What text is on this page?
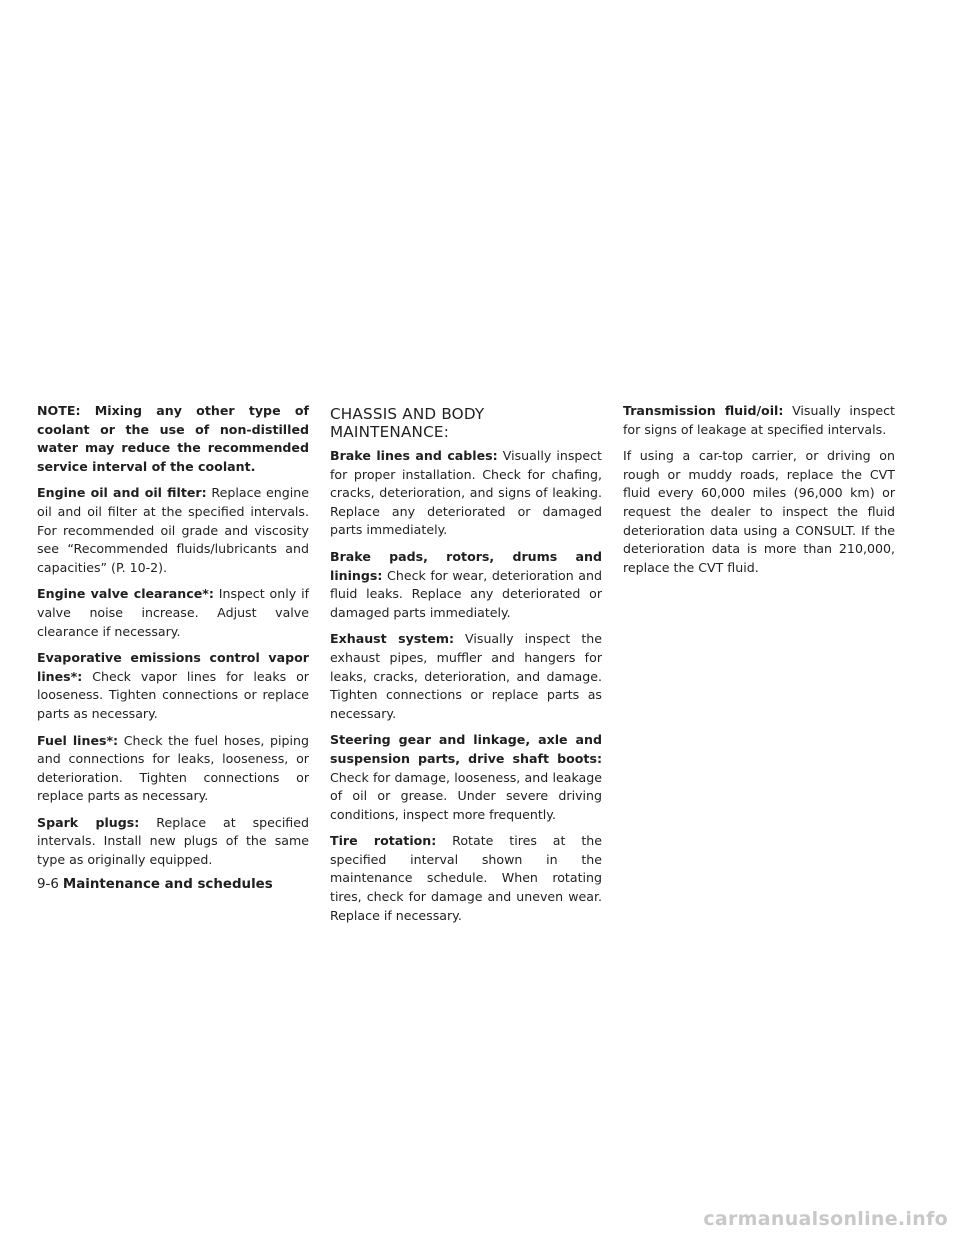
NOTE: Mixing any other type of coolant or the use of non-distilled water may reduce the recommended service interval of the coolant.

Engine oil and oil filter: Replace engine oil and oil filter at the specified intervals. For recommended oil grade and viscosity see “Recommended fluids/lubricants and capacities” (P. 10-2).

Engine valve clearance*: Inspect only if valve noise increase. Adjust valve clearance if necessary.

Evaporative emissions control vapor lines*: Check vapor lines for leaks or looseness. Tighten connections or replace parts as necessary.

Fuel lines*: Check the fuel hoses, piping and connections for leaks, looseness, or deterioration. Tighten connections or replace parts as necessary.

Spark plugs: Replace at specified intervals. Install new plugs of the same type as originally equipped.

CHASSIS AND BODY
MAINTENANCE:

Brake lines and cables: Visually inspect for proper installation. Check for chafing, cracks, deterioration, and signs of leaking. Replace any deteriorated or damaged parts immediately.

Brake pads, rotors, drums and linings: Check for wear, deterioration and fluid leaks. Replace any deteriorated or damaged parts immediately.

Exhaust system: Visually inspect the exhaust pipes, muffler and hangers for leaks, cracks, deterioration, and damage. Tighten connections or replace parts as necessary.

Steering gear and linkage, axle and suspension parts, drive shaft boots: Check for damage, looseness, and leakage of oil or grease. Under severe driving conditions, inspect more frequently.

Tire rotation: Rotate tires at the specified interval shown in the maintenance schedule. When rotating tires, check for damage and uneven wear. Replace if necessary.

Transmission fluid/oil: Visually inspect for signs of leakage at specified intervals.

If using a car-top carrier, or driving on rough or muddy roads, replace the CVT fluid every 60,000 miles (96,000 km) or request the dealer to inspect the fluid deterioration data using a CONSULT. If the deterioration data is more than 210,000, replace the CVT fluid.

9-6 Maintenance and schedules
carmanualsonline.info
